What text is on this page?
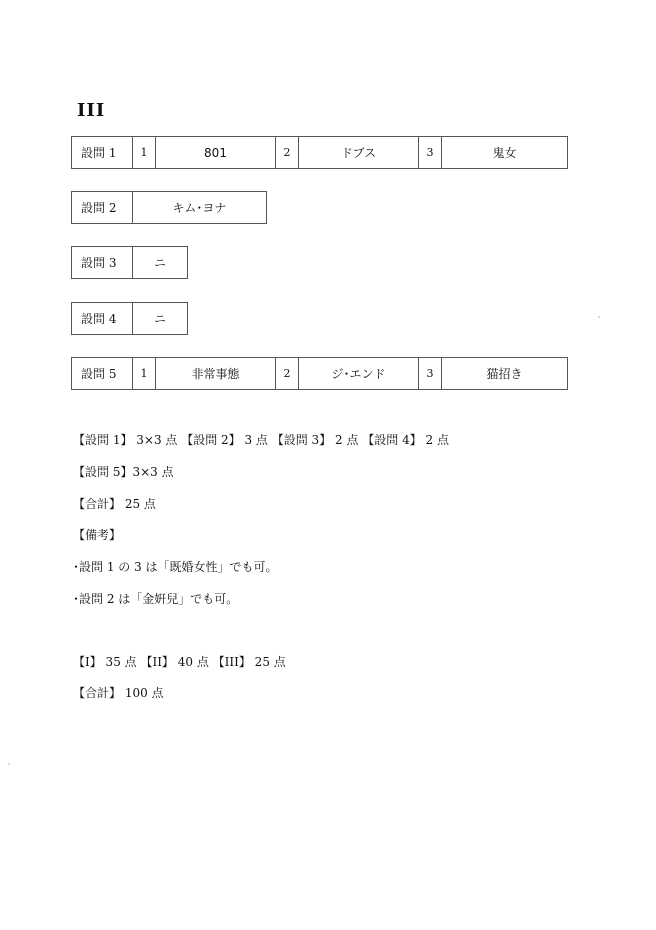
III
設問 1	1	801	2	ドブス	3	鬼女
設問 2	キム･ヨナ
設問 3	ニ
設問 4	ニ
設問 5	1	非常事態	2	ジ･エンド	3	猫招き
【設問 1】 3×3 点 【設問 2】 3 点 【設問 3】 2 点 【設問 4】 2 点
【設問 5】3×3 点
【合計】 25 点
【備考】
･設問 1 の 3 は「既婚女性」でも可。
･設問 2 は「金姸兒」でも可。
【I】 35 点 【II】 40 点 【III】 25 点
【合計】 100 点
